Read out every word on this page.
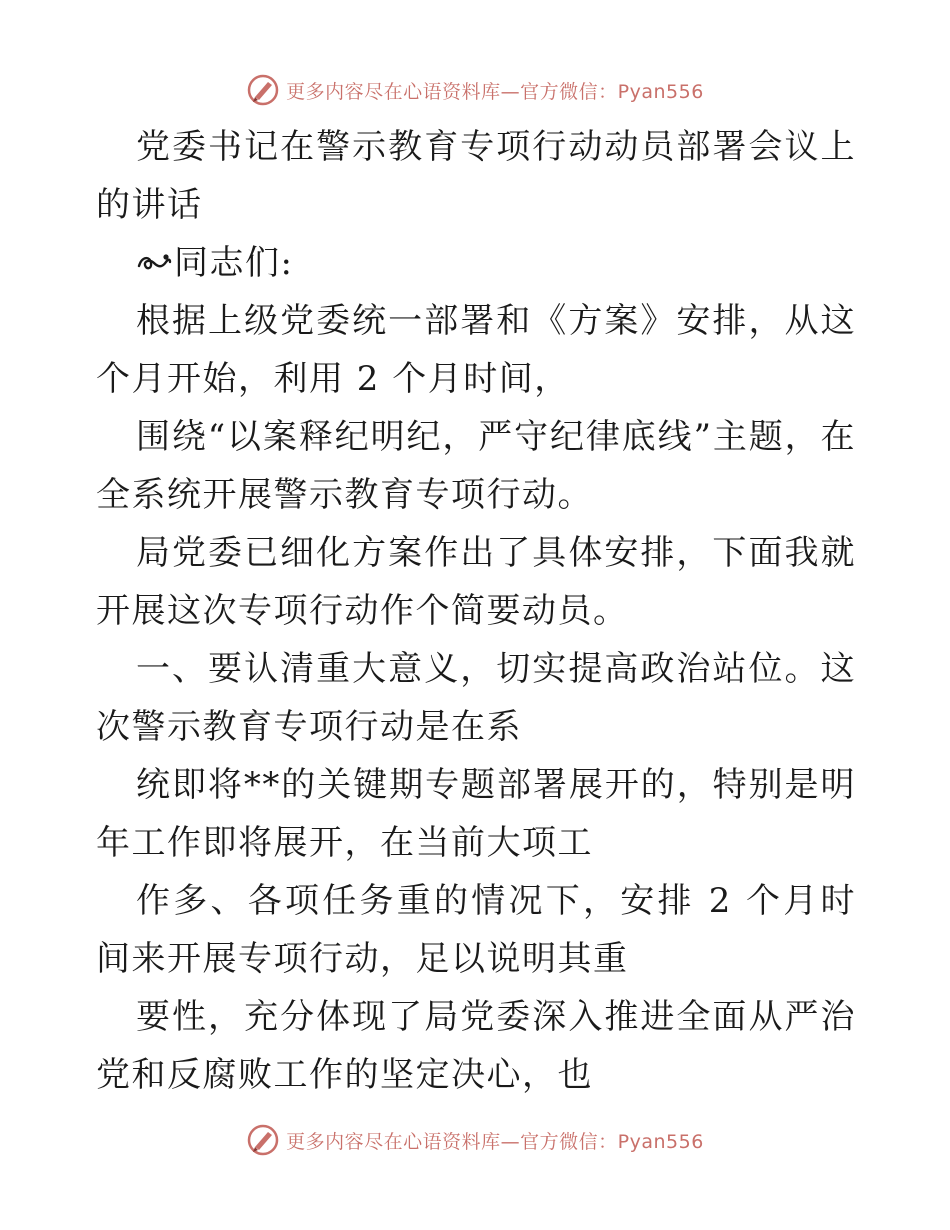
更多内容尽在心语资料库—官方微信：Pyan556

党委书记在警示教育专项行动动员部署会议上的讲话

同志们:

根据上级党委统一部署和《方案》安排，从这个月开始，利用 2 个月时间，

围绕“以案释纪明纪，严守纪律底线”主题，在全系统开展警示教育专项行动。

局党委已细化方案作出了具体安排，下面我就开展这次专项行动作个简要动员。

一、要认清重大意义，切实提高政治站位。这次警示教育专项行动是在系

统即将**的关键期专题部署展开的，特别是明年工作即将展开，在当前大项工

作多、各项任务重的情况下，安排 2 个月时间来开展专项行动，足以说明其重

要性，充分体现了局党委深入推进全面从严治党和反腐败工作的坚定决心，也

更多内容尽在心语资料库—官方微信：Pyan556
